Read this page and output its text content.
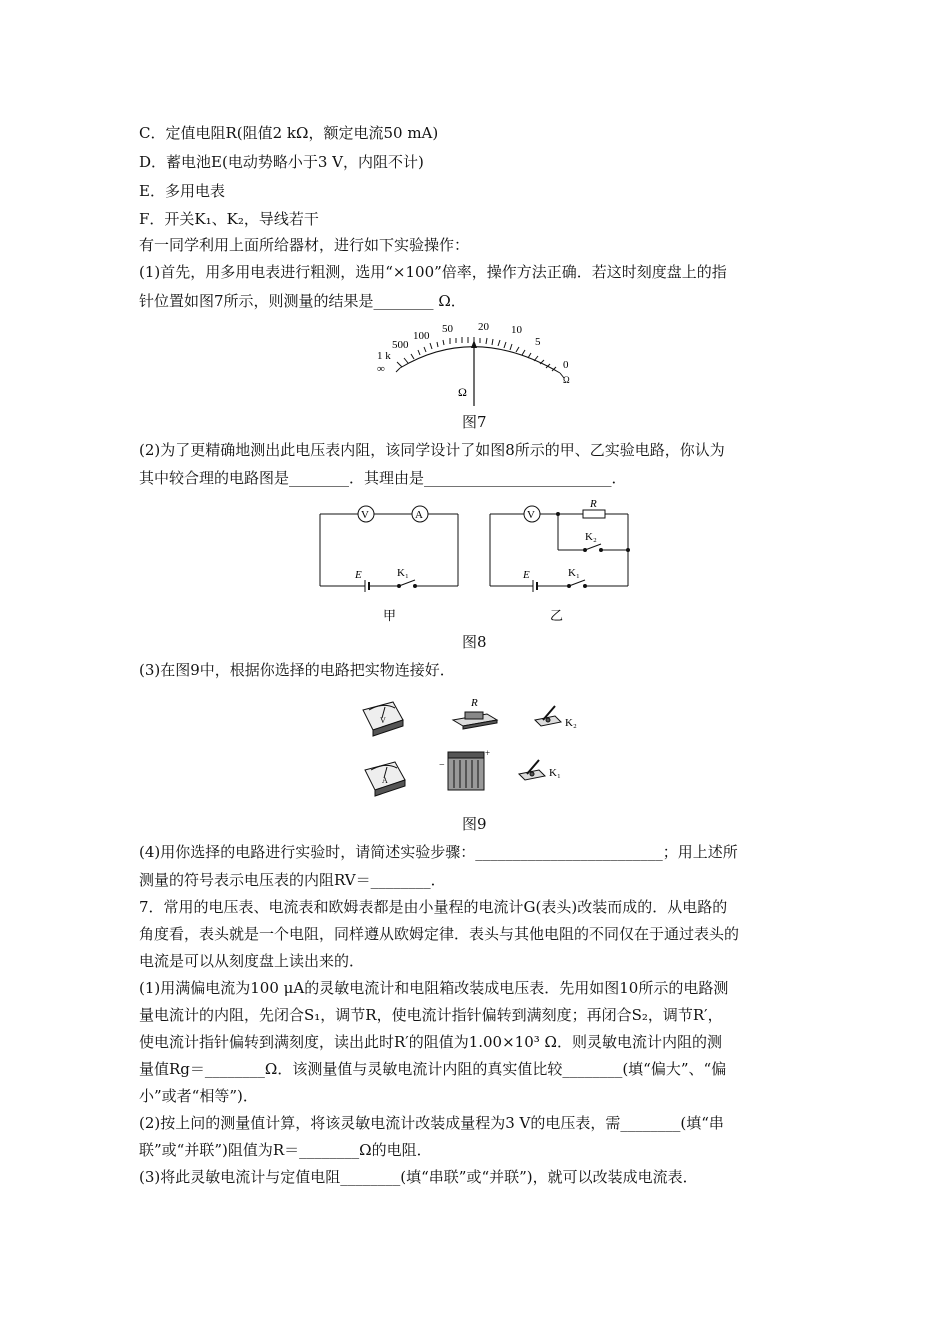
C．定值电阻R(阻值2 kΩ，额定电流50 mA)
D．蓄电池E(电动势略小于3 V，内阻不计)
E．多用电表
F．开关K₁、K₂，导线若干
有一同学利用上面所给器材，进行如下实验操作：
(1)首先，用多用电表进行粗测，选用“×100”倍率，操作方法正确．若这时刻度盘上的指
针位置如图7所示，则测量的结果是________ Ω．
1 k
∞
500
100
50 20 10
5
0
Ω
Ω
图7
(2)为了更精确地测出此电压表内阻，该同学设计了如图8所示的甲、乙实验电路，你认为
其中较合理的电路图是________．其理由是_________________________．
V	A
E	K₁
甲
V
R
K₂
E	K₁
乙
图8
(3)在图9中，根据你选择的电路把实物连接好．
V
R
K₂
A
−
+
K₁
图9
(4)用你选择的电路进行实验时，请简述实验步骤：_________________________；用上述所
测量的符号表示电压表的内阻RV＝________．
7．常用的电压表、电流表和欧姆表都是由小量程的电流计G(表头)改装而成的．从电路的
角度看，表头就是一个电阻，同样遵从欧姆定律．表头与其他电阻的不同仅在于通过表头的
电流是可以从刻度盘上读出来的．
(1)用满偏电流为100 μA的灵敏电流计和电阻箱改装成电压表．先用如图10所示的电路测
量电流计的内阻，先闭合S₁，调节R，使电流计指针偏转到满刻度；再闭合S₂，调节R′，
使电流计指针偏转到满刻度，读出此时R′的阻值为1.00×10³ Ω．则灵敏电流计内阻的测
量值Rg＝________Ω．该测量值与灵敏电流计内阻的真实值比较________(填“偏大”、“偏
小”或者“相等”)．
(2)按上问的测量值计算，将该灵敏电流计改装成量程为3 V的电压表，需________(填“串
联”或“并联”)阻值为R＝________Ω的电阻．
(3)将此灵敏电流计与定值电阻________(填“串联”或“并联”)，就可以改装成电流表．
